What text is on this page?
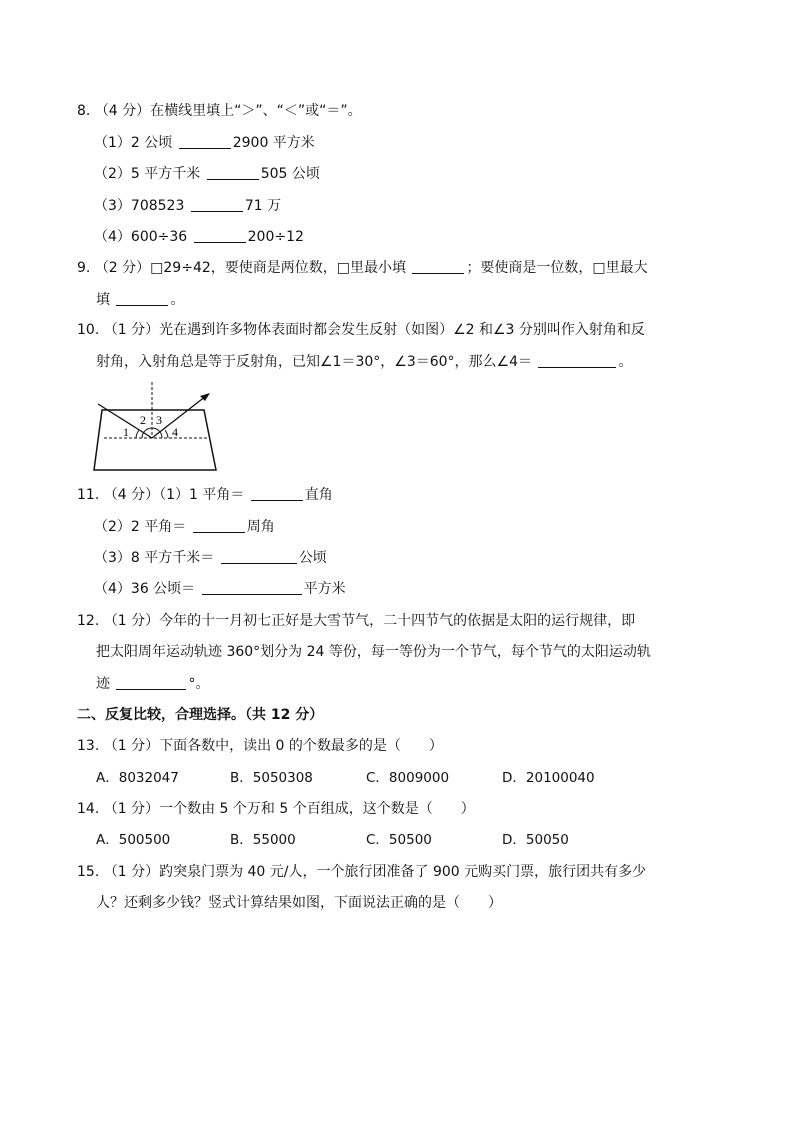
8. （4 分）在横线里填上“＞”、“＜”或“＝”。
（1）2 公顷	2900 平方米
（2）5 平方千米	505 公顷
（3）708523	71 万
（4）600÷36	200÷12
9. （2 分）□29÷42，要使商是两位数，□里最小填	；要使商是一位数，□里最大
填	。
10. （1 分）光在遇到许多物体表面时都会发生反射（如图）∠2 和∠3 分别叫作入射角和反
射角，入射角总是等于反射角，已知∠1＝30°，∠3＝60°，那么∠4＝	。
1
2 3
4
11. （4 分）（1）1 平角＝	直角
（2）2 平角＝	周角
（3）8 平方千米＝	公顷
（4）36 公顷＝	平方米
12. （1 分）今年的十一月初七正好是大雪节气，二十四节气的依据是太阳的运行规律，即
把太阳周年运动轨迹 360°划分为 24 等份，每一等份为一个节气，每个节气的太阳运动轨
迹	°。
二、反复比较，合理选择。（共 12 分）
13. （1 分）下面各数中，读出 0 的个数最多的是（　　）
A．8032047	B．5050308	C．8009000	D．20100040
14. （1 分）一个数由 5 个万和 5 个百组成，这个数是（　　）
A．500500	B．55000	C．50500	D．50050
15. （1 分）趵突泉门票为 40 元/人，一个旅行团准备了 900 元购买门票，旅行团共有多少
人？还剩多少钱？竖式计算结果如图，下面说法正确的是（　　）
